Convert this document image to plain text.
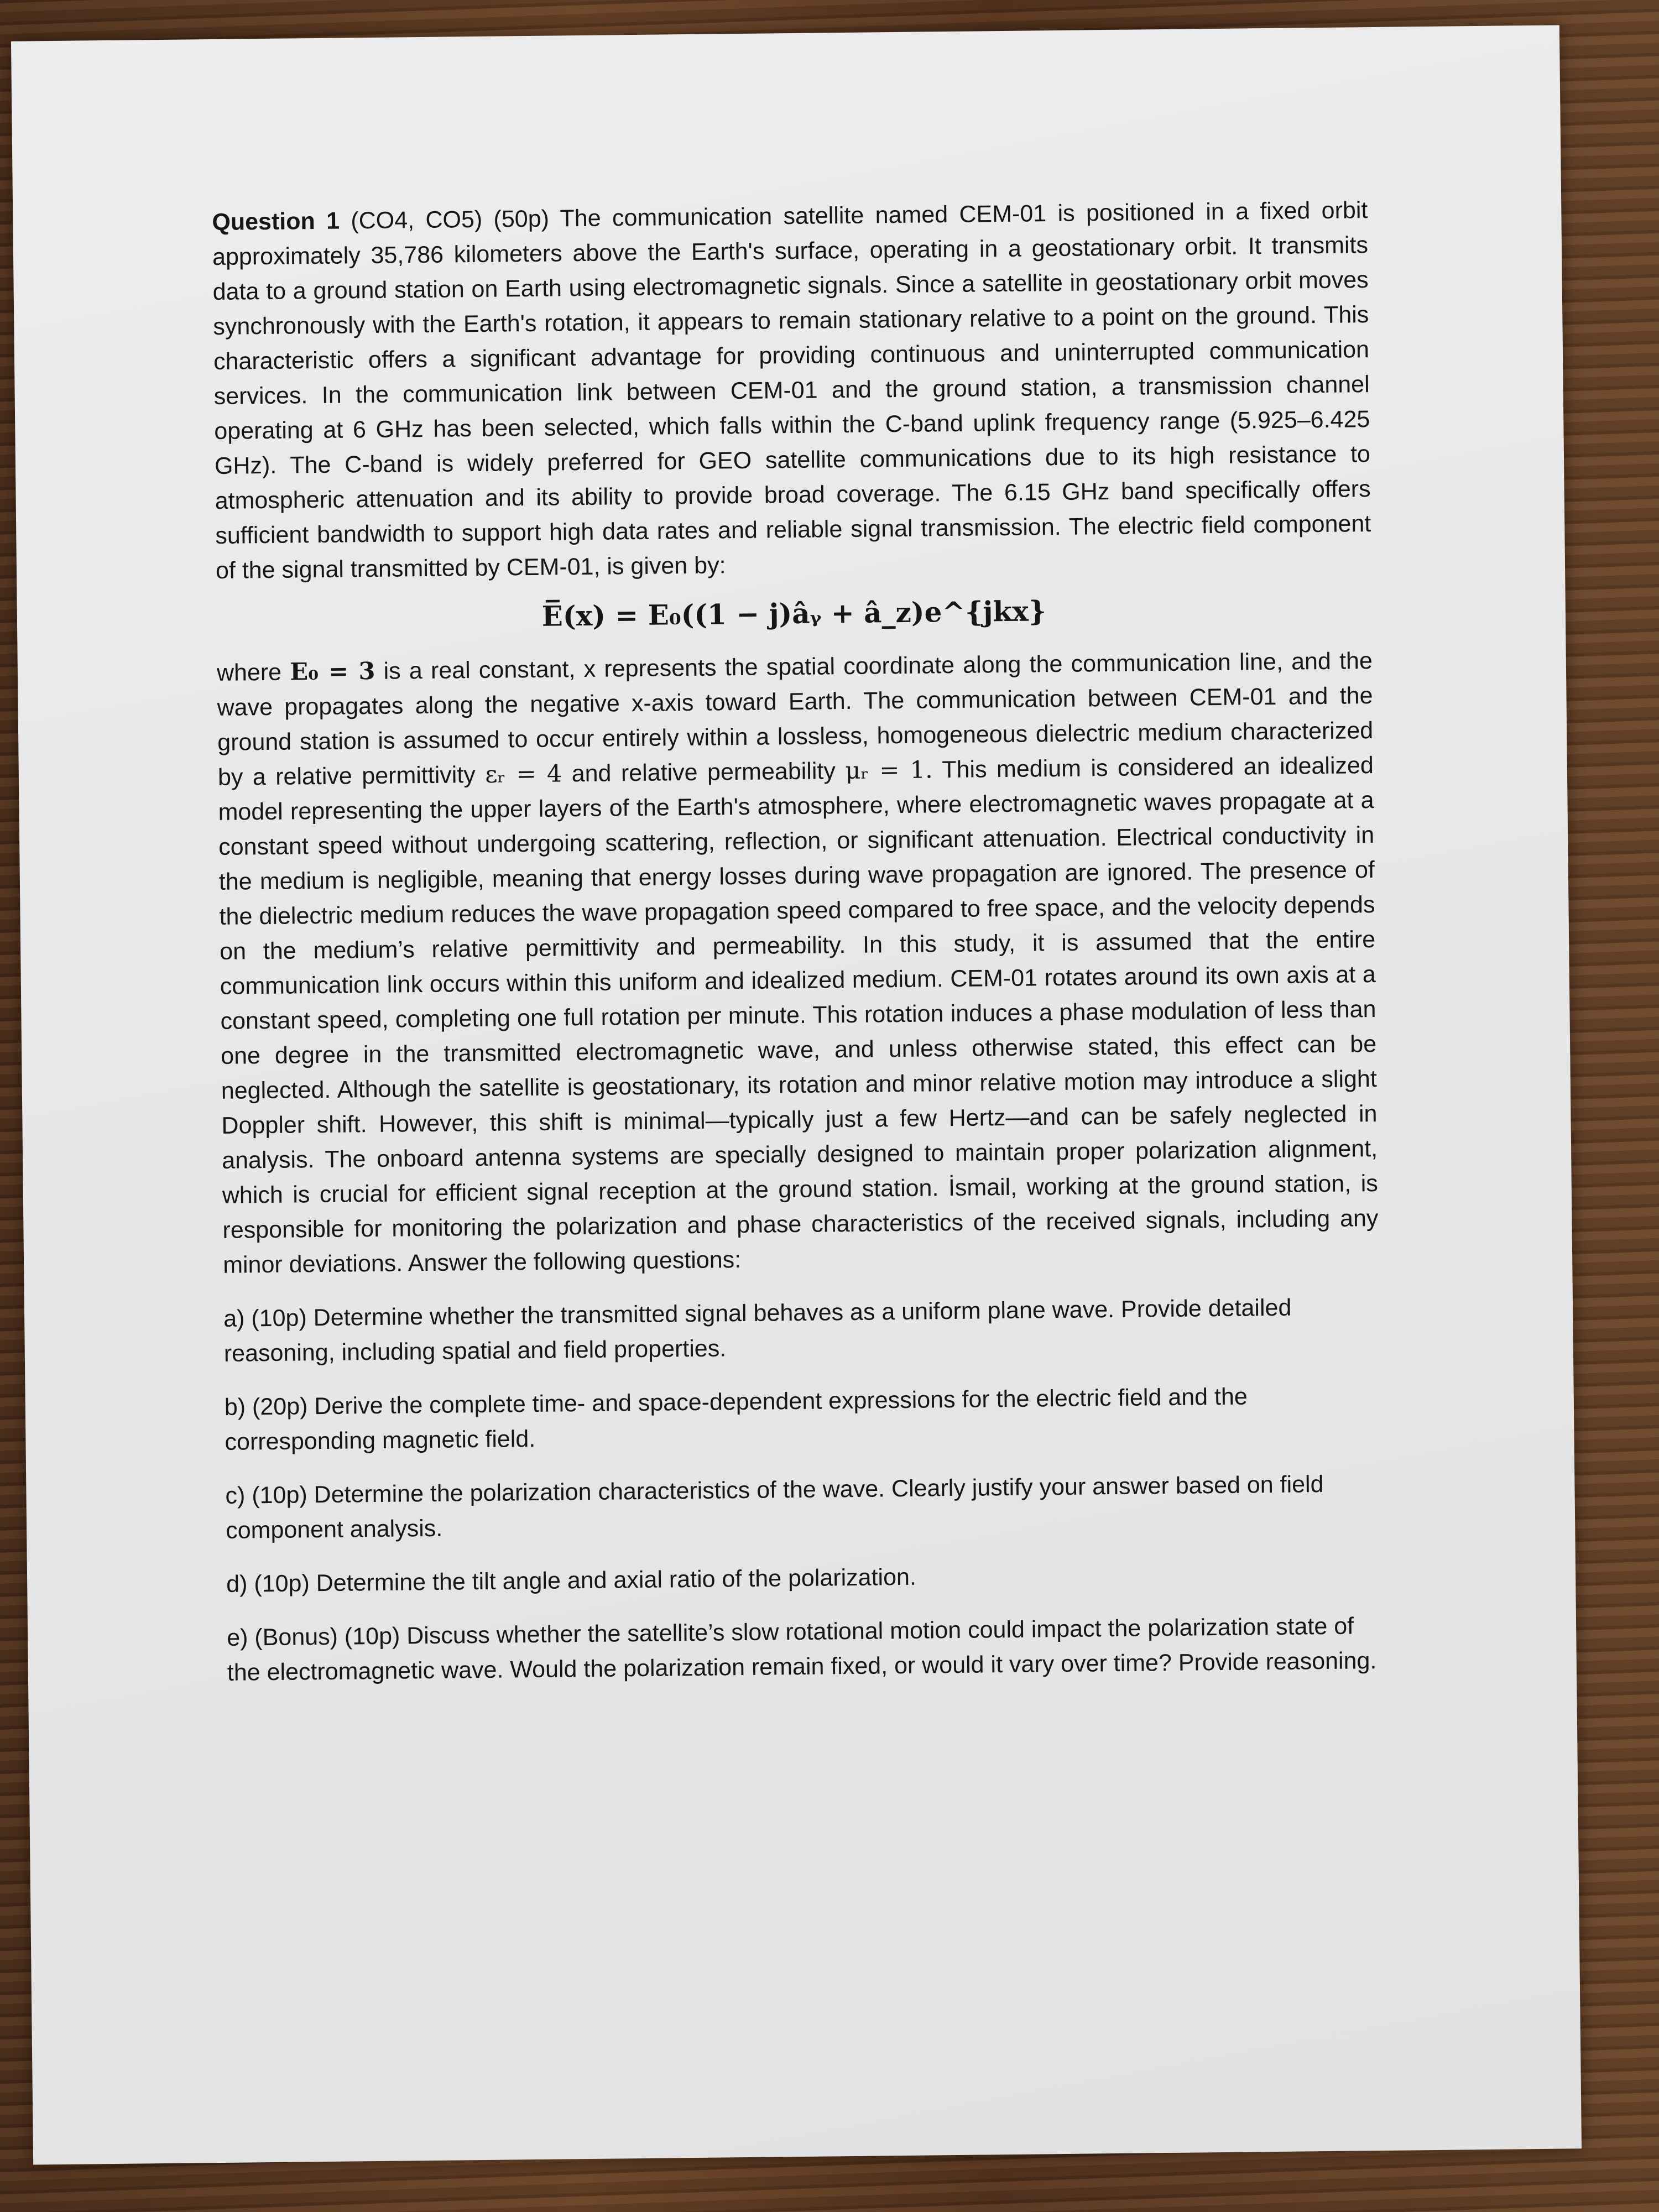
Question 1 (CO4, CO5) (50p) The communication satellite named CEM-01 is positioned in a fixed orbit approximately 35,786 kilometers above the Earth's surface, operating in a geostationary orbit. It transmits data to a ground station on Earth using electromagnetic signals. Since a satellite in geostationary orbit moves synchronously with the Earth's rotation, it appears to remain stationary relative to a point on the ground. This characteristic offers a significant advantage for providing continuous and uninterrupted communication services. In the communication link between CEM-01 and the ground station, a transmission channel operating at 6 GHz has been selected, which falls within the C-band uplink frequency range (5.925–6.425 GHz). The C-band is widely preferred for GEO satellite communications due to its high resistance to atmospheric attenuation and its ability to provide broad coverage. The 6.15 GHz band specifically offers sufficient bandwidth to support high data rates and reliable signal transmission. The electric field component of the signal transmitted by CEM-01, is given by:

E̅(x) = E₀((1 − j)âᵧ + â_z)e^{jkx}

where E₀ = 3 is a real constant, x represents the spatial coordinate along the communication line, and the wave propagates along the negative x-axis toward Earth. The communication between CEM-01 and the ground station is assumed to occur entirely within a lossless, homogeneous dielectric medium characterized by a relative permittivity εᵣ = 4 and relative permeability μᵣ = 1. This medium is considered an idealized model representing the upper layers of the Earth's atmosphere, where electromagnetic waves propagate at a constant speed without undergoing scattering, reflection, or significant attenuation. Electrical conductivity in the medium is negligible, meaning that energy losses during wave propagation are ignored. The presence of the dielectric medium reduces the wave propagation speed compared to free space, and the velocity depends on the medium’s relative permittivity and permeability. In this study, it is assumed that the entire communication link occurs within this uniform and idealized medium. CEM-01 rotates around its own axis at a constant speed, completing one full rotation per minute. This rotation induces a phase modulation of less than one degree in the transmitted electromagnetic wave, and unless otherwise stated, this effect can be neglected. Although the satellite is geostationary, its rotation and minor relative motion may introduce a slight Doppler shift. However, this shift is minimal—typically just a few Hertz—and can be safely neglected in analysis. The onboard antenna systems are specially designed to maintain proper polarization alignment, which is crucial for efficient signal reception at the ground station. İsmail, working at the ground station, is responsible for monitoring the polarization and phase characteristics of the received signals, including any minor deviations. Answer the following questions:

a) (10p) Determine whether the transmitted signal behaves as a uniform plane wave. Provide detailed reasoning, including spatial and field properties.

b) (20p) Derive the complete time- and space-dependent expressions for the electric field and the corresponding magnetic field.

c) (10p) Determine the polarization characteristics of the wave. Clearly justify your answer based on field component analysis.

d) (10p) Determine the tilt angle and axial ratio of the polarization.

e) (Bonus) (10p) Discuss whether the satellite’s slow rotational motion could impact the polarization state of the electromagnetic wave. Would the polarization remain fixed, or would it vary over time? Provide reasoning.
